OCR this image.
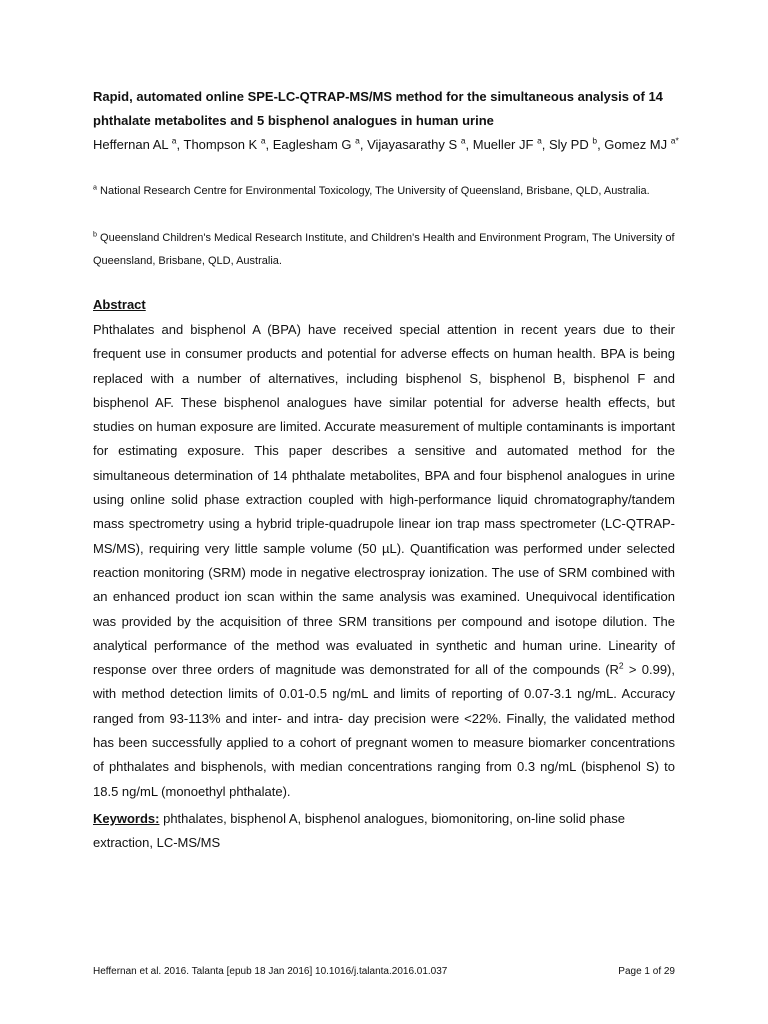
Rapid, automated online SPE-LC-QTRAP-MS/MS method for the simultaneous analysis of 14 phthalate metabolites and 5 bisphenol analogues in human urine
Heffernan AL $^a$, Thompson K $^a$, Eaglesham G $^a$, Vijayasarathy S $^a$, Mueller JF $^a$, Sly PD $^b$, Gomez MJ $^{a*}$
$^a$ National Research Centre for Environmental Toxicology, The University of Queensland, Brisbane, QLD, Australia.
$^b$ Queensland Children's Medical Research Institute, and Children's Health and Environment Program, The University of Queensland, Brisbane, QLD, Australia.
Abstract
Phthalates and bisphenol A (BPA) have received special attention in recent years due to their frequent use in consumer products and potential for adverse effects on human health. BPA is being replaced with a number of alternatives, including bisphenol S, bisphenol B, bisphenol F and bisphenol AF. These bisphenol analogues have similar potential for adverse health effects, but studies on human exposure are limited. Accurate measurement of multiple contaminants is important for estimating exposure. This paper describes a sensitive and automated method for the simultaneous determination of 14 phthalate metabolites, BPA and four bisphenol analogues in urine using online solid phase extraction coupled with high-performance liquid chromatography/tandem mass spectrometry using a hybrid triple-quadrupole linear ion trap mass spectrometer (LC-QTRAP-MS/MS), requiring very little sample volume (50 µL). Quantification was performed under selected reaction monitoring (SRM) mode in negative electrospray ionization. The use of SRM combined with an enhanced product ion scan within the same analysis was examined. Unequivocal identification was provided by the acquisition of three SRM transitions per compound and isotope dilution. The analytical performance of the method was evaluated in synthetic and human urine. Linearity of response over three orders of magnitude was demonstrated for all of the compounds $(R^2 > 0.99)$, with method detection limits of 0.01-0.5 ng/mL and limits of reporting of 0.07-3.1 ng/mL. Accuracy ranged from 93-113% and inter- and intra- day precision were <22%. Finally, the validated method has been successfully applied to a cohort of pregnant women to measure biomarker concentrations of phthalates and bisphenols, with median concentrations ranging from 0.3 ng/mL (bisphenol S) to 18.5 ng/mL (monoethyl phthalate).
Keywords: phthalates, bisphenol A, bisphenol analogues, biomonitoring, on-line solid phase extraction, LC-MS/MS
Heffernan et al. 2016. Talanta [epub 18 Jan 2016] 10.1016/j.talanta.2016.01.037	Page 1 of 29
